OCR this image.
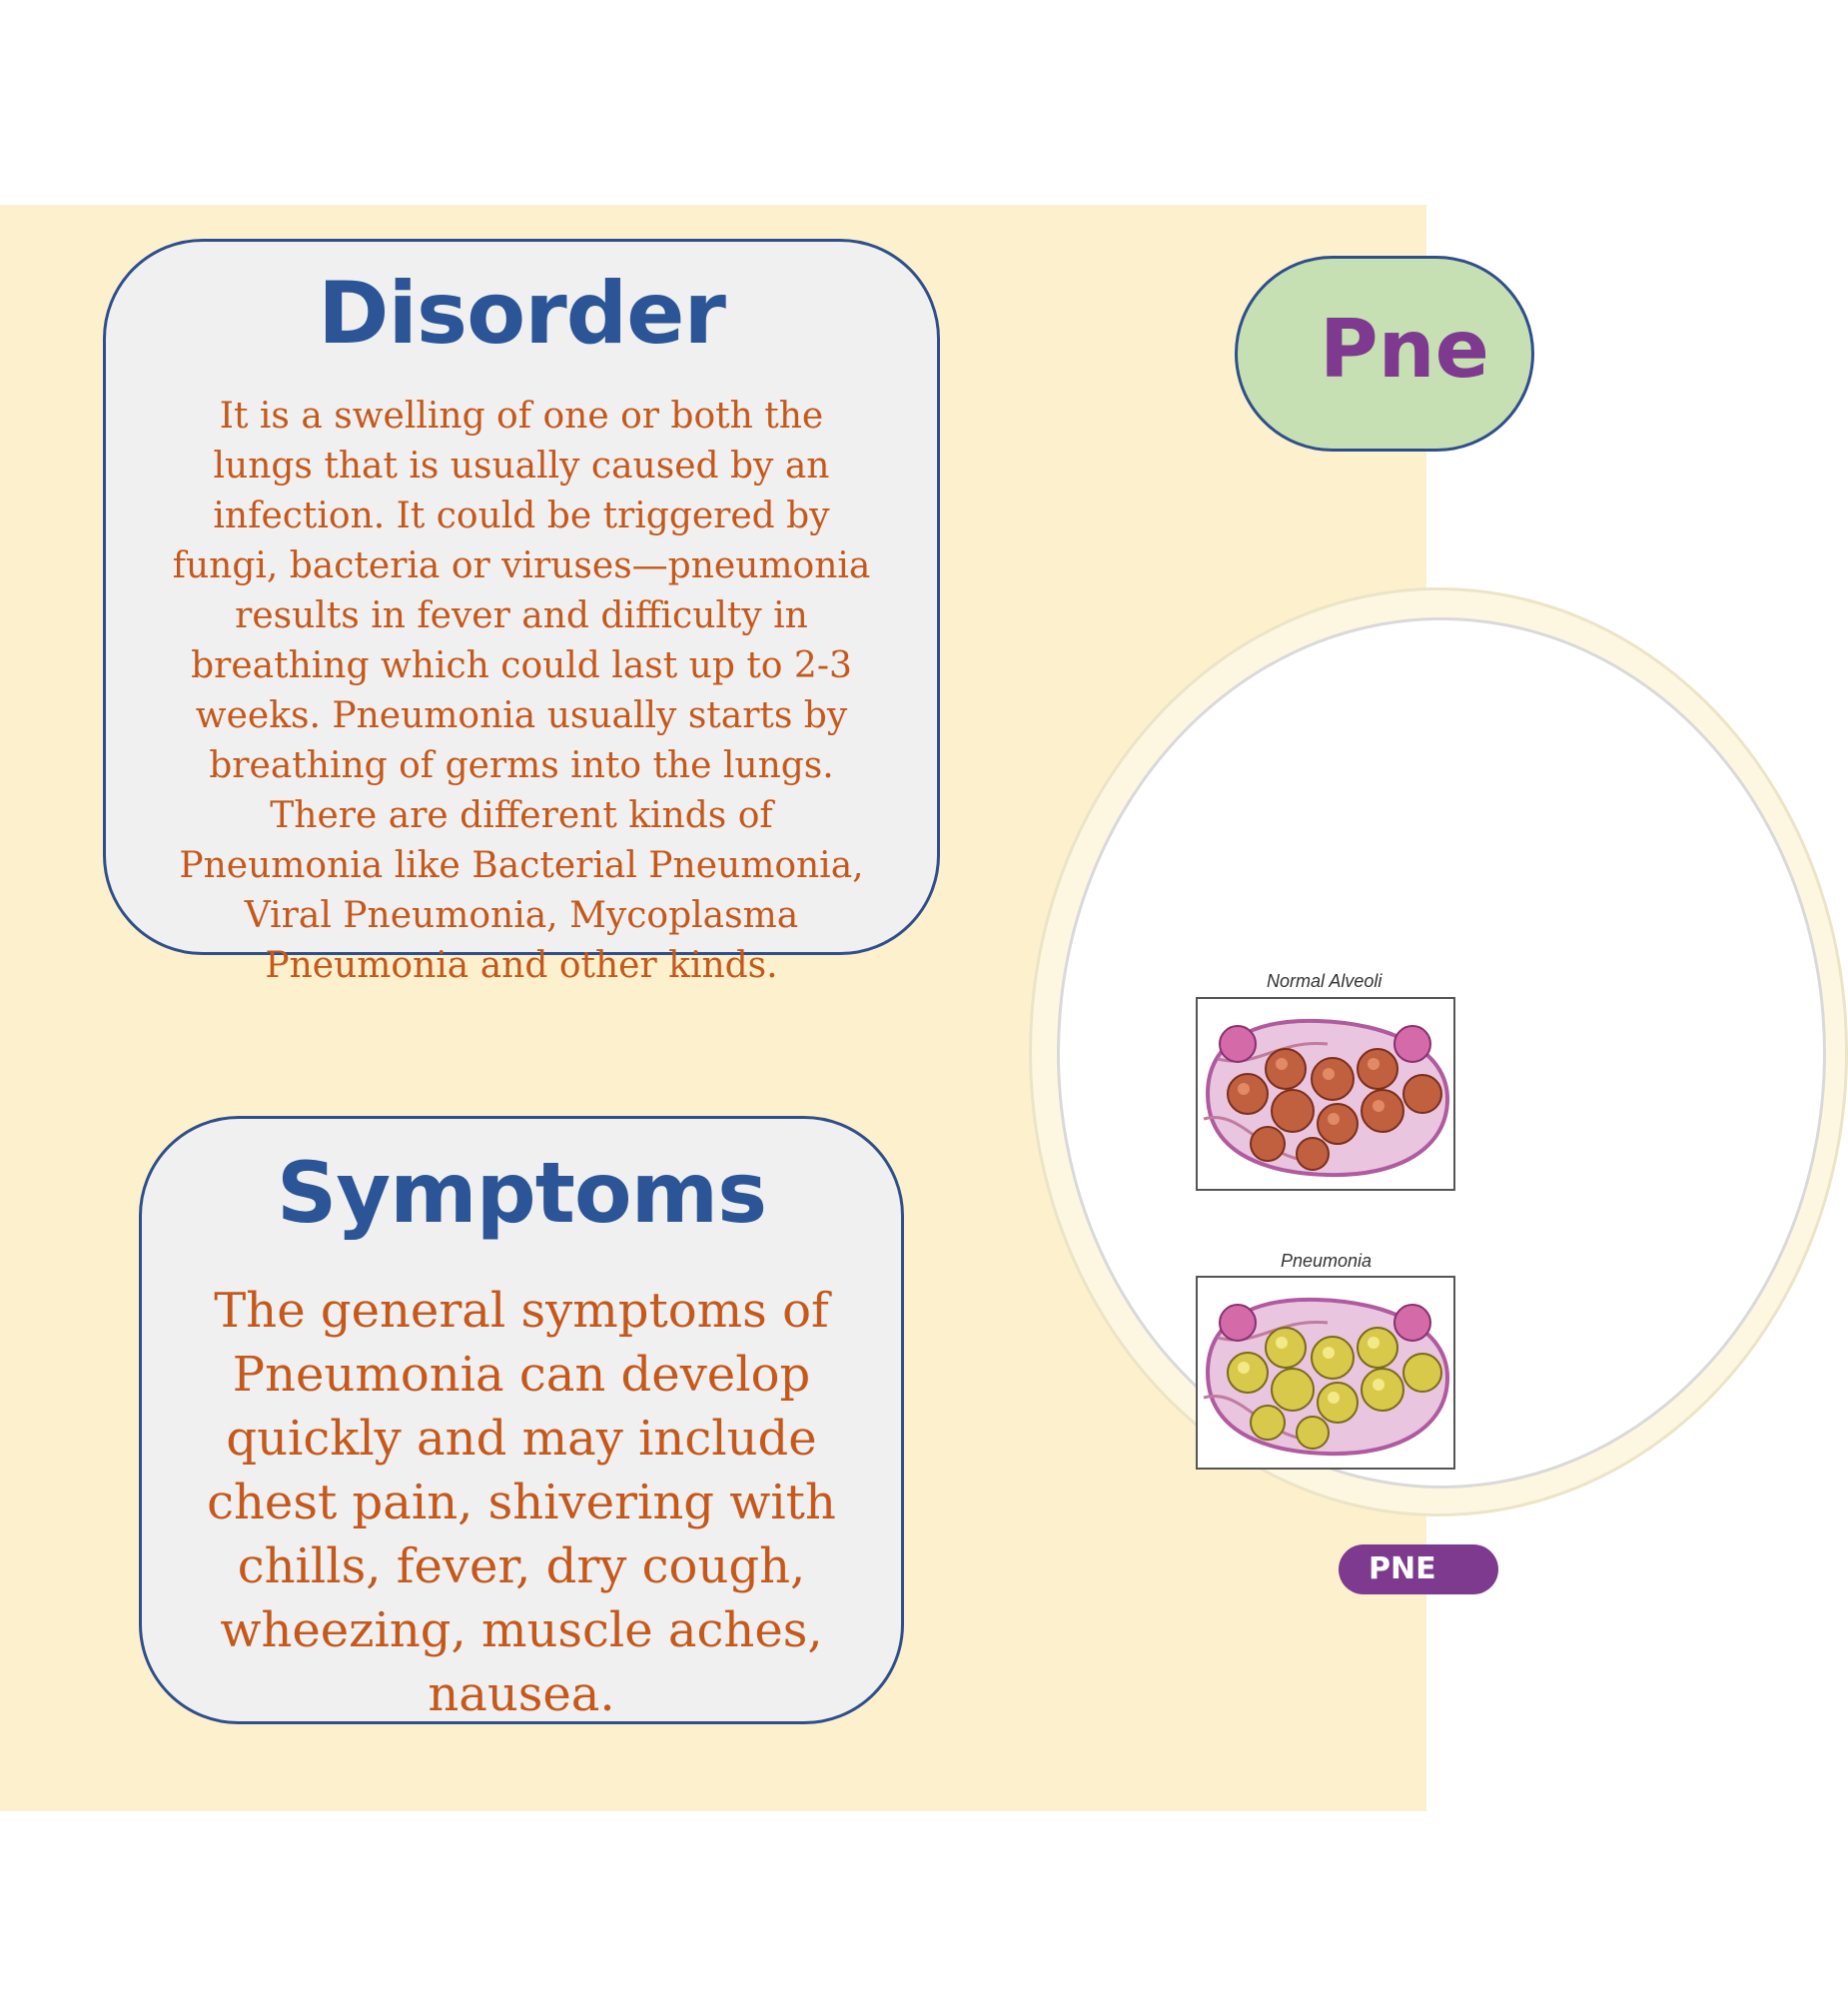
Disorder

It is a swelling of one or both the lungs that is usually caused by an infection. It could be triggered by fungi, bacteria or viruses—pneumonia results in fever and difficulty in breathing which could last up to 2-3 weeks. Pneumonia usually starts by breathing of germs into the lungs. There are different kinds of Pneumonia like Bacterial Pneumonia, Viral Pneumonia, Mycoplasma Pneumonia and other kinds.

Symptoms

The general symptoms of Pneumonia can develop quickly and may include chest pain, shivering with chills, fever, dry cough, wheezing, muscle aches, nausea.

Pne
Normal Alveoli
Pneumonia
PNE
